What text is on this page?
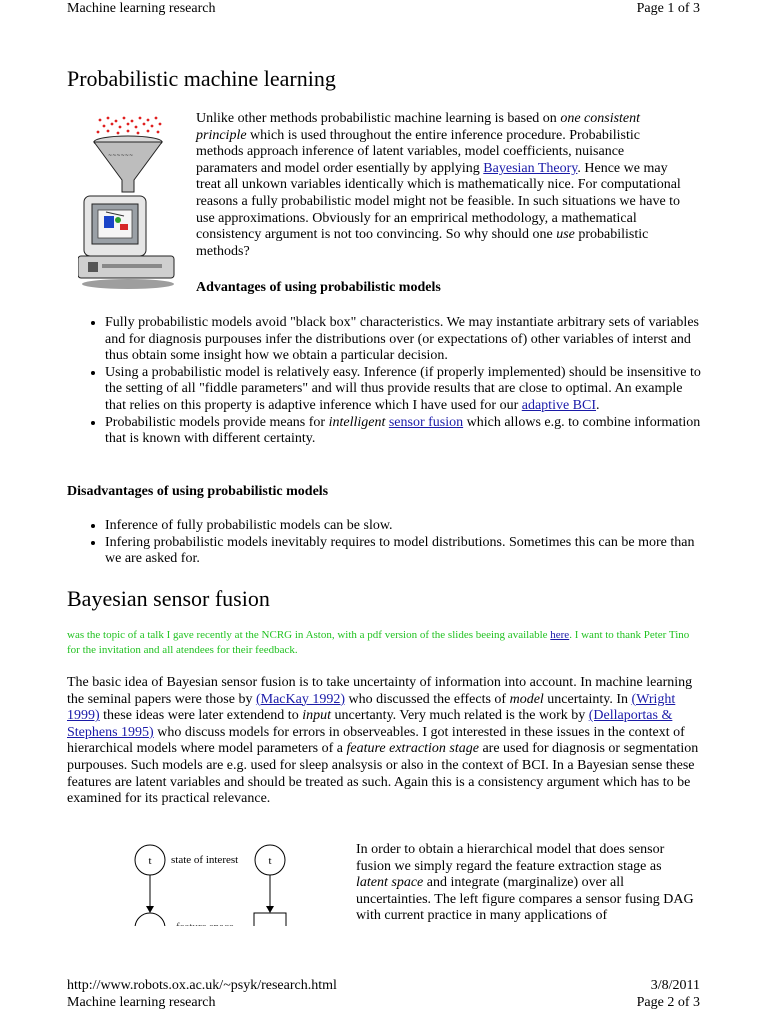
Machine learning research	Page 1 of 3
Probabilistic machine learning
~~~~~~

Unlike other methods probabilistic machine learning is based on one consistent principle which is used throughout the entire inference procedure. Probabilistic methods approach inference of latent variables, model coefficients, nuisance paramaters and model order esentially by applying Bayesian Theory. Hence we may treat all unkown variables identically which is mathematically nice. For computational reasons a fully probabilistic model might not be feasible. In such situations we have to use approximations. Obviously for an emprirical methodology, a mathematical consistency argument is not too convincing. So why should one use probabilistic methods?

Advantages of using probabilistic models
• Fully probabilistic models avoid "black box" characteristics. We may instantiate arbitrary sets of variables and for diagnosis purpouses infer the distributions over (or expectations of) other variables of interst and thus obtain some insight how we obtain a particular decision.
• Using a probabilistic model is relatively easy. Inference (if properly implemented) should be insensitive to the setting of all "fiddle parameters" and will thus provide results that are close to optimal. An example that relies on this property is adaptive inference which I have used for our adaptive BCI.
• Probabilistic models provide means for intelligent sensor fusion which allows e.g. to combine information that is known with different certainty.
Disadvantages of using probabilistic models
• Inference of fully probabilistic models can be slow.
• Infering probabilistic models inevitably requires to model distributions. Sometimes this can be more than we are asked for.
Bayesian sensor fusion

was the topic of a talk I gave recently at the NCRG in Aston, with a pdf version of the slides beeing available here. I want to thank Peter Tino for the invitation and all atendees for their feedback.

The basic idea of Bayesian sensor fusion is to take uncertainty of information into account. In machine learning the seminal papers were those by (MacKay 1992) who discussed the effects of model uncertainty. In (Wright 1999) these ideas were later extendend to input uncertanty. Very much related is the work by (Dellaportas & Stephens 1995) who discuss models for errors in observeables. I got interested in these issues in the context of hierarchical models where model parameters of a feature extraction stage are used for diagnosis or segmentation purpouses. Such models are e.g. used for sleep analsysis or also in the context of BCI. In a Bayesian sense these features are latent variables and should be treated as such. Again this is a consistency argument which has to be examined for its practical relevance.

t	t
state of interest
feature space

In order to obtain a hierarchical model that does sensor fusion we simply regard the feature extraction stage as latent space and integrate (marginalize) over all uncertainties. The left figure compares a sensor fusing DAG with current practice in many applications of

http://www.robots.ox.ac.uk/~psyk/research.html	3/8/2011
Machine learning research	Page 2 of 3
